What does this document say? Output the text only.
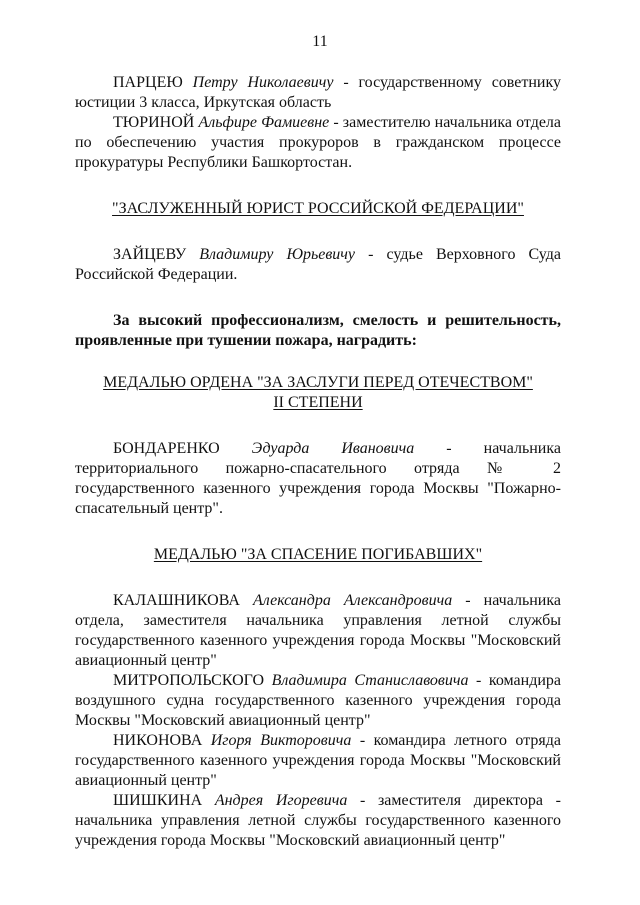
11

ПАРЦЕЮ Петру Николаевичу - государственному советнику юстиции 3 класса, Иркутская область

ТЮРИНОЙ Альфире Фамиевне - заместителю начальника отдела по обеспечению участия прокуроров в гражданском процессе прокуратуры Республики Башкортостан.

"ЗАСЛУЖЕННЫЙ ЮРИСТ РОССИЙСКОЙ ФЕДЕРАЦИИ"

ЗАЙЦЕВУ Владимиру Юрьевичу - судье Верховного Суда Российской Федерации.

За высокий профессионализм, смелость и решительность, проявленные при тушении пожара, наградить:

МЕДАЛЬЮ ОРДЕНА "ЗА ЗАСЛУГИ ПЕРЕД ОТЕЧЕСТВОМ"

II СТЕПЕНИ

БОНДАРЕНКО Эдуарда Ивановича - начальника территориального пожарно-спасательного отряда № 2 государственного казенного учреждения города Москвы "Пожарно-спасательный центр".

МЕДАЛЬЮ "ЗА СПАСЕНИЕ ПОГИБАВШИХ"

КАЛАШНИКОВА Александра Александровича - начальника отдела, заместителя начальника управления летной службы государственного казенного учреждения города Москвы "Московский авиационный центр"

МИТРОПОЛЬСКОГО Владимира Станиславовича - командира воздушного судна государственного казенного учреждения города Москвы "Московский авиационный центр"

НИКОНОВА Игоря Викторовича - командира летного отряда государственного казенного учреждения города Москвы "Московский авиационный центр"

ШИШКИНА Андрея Игоревича - заместителя директора - начальника управления летной службы государственного казенного учреждения города Москвы "Московский авиационный центр"
